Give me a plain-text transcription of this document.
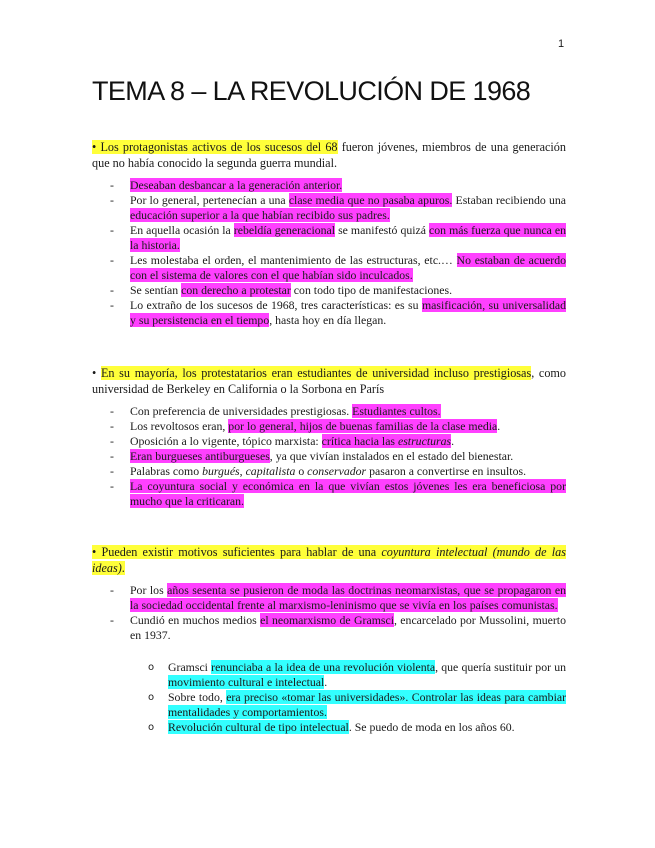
1
TEMA 8 – LA REVOLUCIÓN DE 1968

• Los protagonistas activos de los sucesos del 68 fueron jóvenes, miembros de una generación que no había conocido la segunda guerra mundial.

- Deseaban desbancar a la generación anterior.
- Por lo general, pertenecían a una clase media que no pasaba apuros. Estaban recibiendo una educación superior a la que habían recibido sus padres.
- En aquella ocasión la rebeldía generacional se manifestó quizá con más fuerza que nunca en la historia.
- Les molestaba el orden, el mantenimiento de las estructuras, etc.… No estaban de acuerdo con el sistema de valores con el que habían sido inculcados.
- Se sentían con derecho a protestar con todo tipo de manifestaciones.
- Lo extraño de los sucesos de 1968, tres características: es su masificación, su universalidad y su persistencia en el tiempo, hasta hoy en día llegan.

• En su mayoría, los protestatarios eran estudiantes de universidad incluso prestigiosas, como universidad de Berkeley en California o la Sorbona en París

- Con preferencia de universidades prestigiosas. Estudiantes cultos.
- Los revoltosos eran, por lo general, hijos de buenas familias de la clase media.
- Oposición a lo vigente, tópico marxista: crítica hacia las estructuras.
- Eran burgueses antiburgueses, ya que vivían instalados en el estado del bienestar.
- Palabras como burgués, capitalista o conservador pasaron a convertirse en insultos.
- La coyuntura social y económica en la que vivían estos jóvenes les era beneficiosa por mucho que la criticaran.

• Pueden existir motivos suficientes para hablar de una coyuntura intelectual (mundo de las ideas).

- Por los años sesenta se pusieron de moda las doctrinas neomarxistas, que se propagaron en la sociedad occidental frente al marxismo-leninismo que se vivía en los países comunistas.
- Cundió en muchos medios el neomarxismo de Gramsci, encarcelado por Mussolini, muerto en 1937.
o Gramsci renunciaba a la idea de una revolución violenta, que quería sustituir por un movimiento cultural e intelectual.
o Sobre todo, era preciso «tomar las universidades». Controlar las ideas para cambiar mentalidades y comportamientos.
o Revolución cultural de tipo intelectual. Se puedo de moda en los años 60.
